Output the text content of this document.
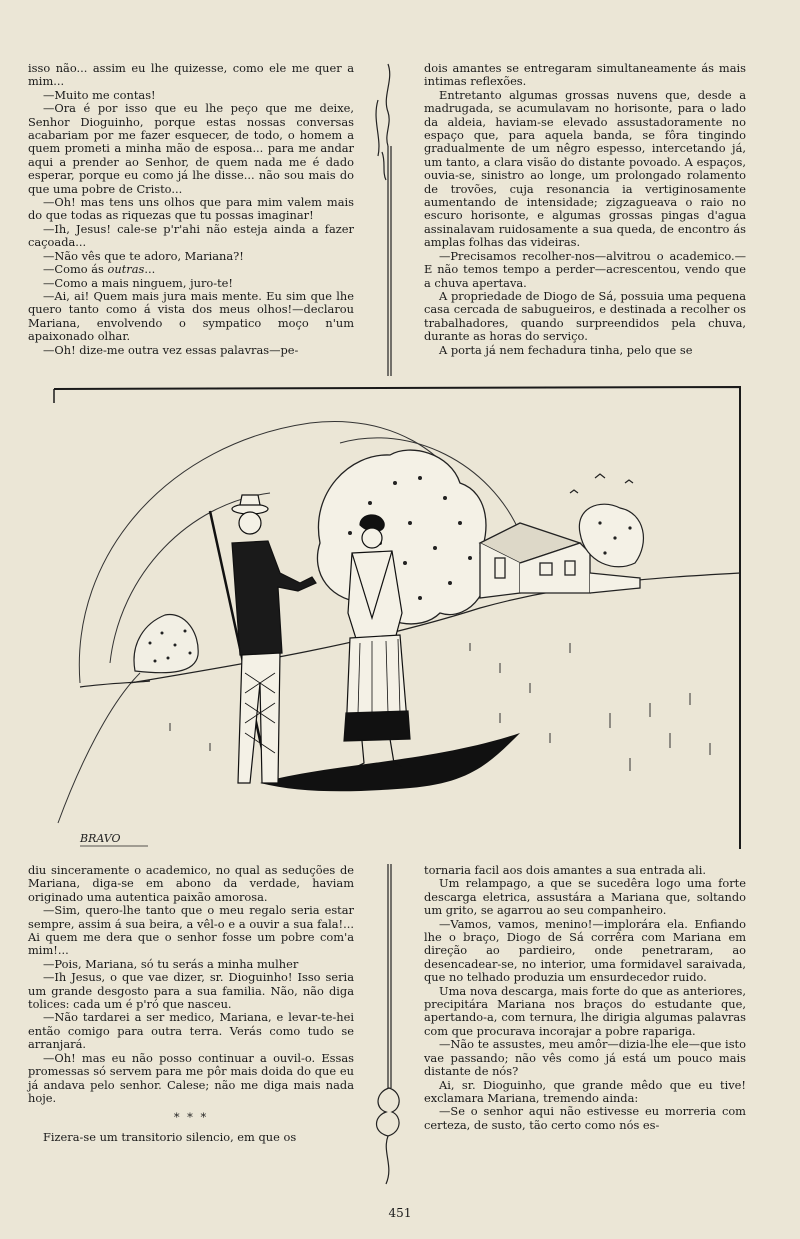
isso não... assim eu lhe quizesse, como ele me quer a mim...

—Muito me contas!

—Ora é por isso que eu lhe peço que me deixe, Senhor Dioguinho, porque estas nossas conversas acabariam por me fazer esquecer, de todo, o homem a quem prometi a minha mão de esposa... para me andar aqui a prender ao Senhor, de quem nada me é dado esperar, porque eu como já lhe disse... não sou mais do que uma pobre de Cristo...

—Oh! mas tens uns olhos que para mim valem mais do que todas as riquezas que tu possas imaginar!

—Ih, Jesus! cale-se p'r'ahi não esteja ainda a fazer caçoada...

—Não vês que te adoro, Mariana?!

—Como ás outras...

—Como a mais ninguem, juro-te!

—Ai, ai! Quem mais jura mais mente. Eu sim que lhe quero tanto como á vista dos meus olhos!—declarou Mariana, envolvendo o sympatico moço n'um apaixonado olhar.

—Oh! dize-me outra vez essas palavras—pe-

dois amantes se entregaram simultaneamente ás mais intimas reflexões.

Entretanto algumas grossas nuvens que, desde a madrugada, se acumulavam no horisonte, para o lado da aldeia, haviam-se elevado assustadoramente no espaço que, para aquela banda, se fôra tingindo gradualmente de um nêgro espesso, intercetando já, um tanto, a clara visão do distante povoado. A espaços, ouvia-se, sinistro ao longe, um prolongado rolamento de trovões, cuja resonancia ia vertiginosamente aumentando de intensidade; zigzagueava o raio no escuro horisonte, e algumas grossas pingas d'agua assinalavam ruidosamente a sua queda, de encontro ás amplas folhas das videiras.

—Precisamos recolher-nos—alvitrou o academico.—E não temos tempo a perder—acrescentou, vendo que a chuva apertava.

A propriedade de Diogo de Sá, possuia uma pequena casa cercada de sabugueiros, e destinada a recolher os trabalhadores, quando surpreendidos pela chuva, durante as horas do serviço.

A porta já nem fechadura tinha, pelo que se

BRAVO

diu sinceramente o academico, no qual as seduções de Mariana, diga-se em abono da verdade, haviam originado uma autentica paixão amorosa.

—Sim, quero-lhe tanto que o meu regalo seria estar sempre, assim á sua beira, a vêl-o e a ouvir a sua fala!... Ai quem me dera que o senhor fosse um pobre com'a mim!...

—Pois, Mariana, só tu serás a minha mulher

—Ih Jesus, o que vae dizer, sr. Dioguinho! Isso seria um grande desgosto para a sua familia. Não, não diga tolices: cada um é p'ró que nasceu.

—Não tardarei a ser medico, Mariana, e levar-te-hei então comigo para outra terra. Verás como tudo se arranjará.

—Oh! mas eu não posso continuar a ouvil-o. Essas promessas só servem para me pôr mais doida do que eu já andava pelo senhor. Calese; não me diga mais nada hoje.

* * *

Fizera-se um transitorio silencio, em que os

tornaria facil aos dois amantes a sua entrada ali.

Um relampago, a que se sucedêra logo uma forte descarga eletrica, assustára a Mariana que, soltando um grito, se agarrou ao seu companheiro.

—Vamos, vamos, menino!—implorára ela. Enfiando lhe o braço, Diogo de Sá corrêra com Mariana em direção ao pardieiro, onde penetraram, ao desencadear-se, no interior, uma formidavel saraivada, que no telhado produzia um ensurdecedor ruido.

Uma nova descarga, mais forte do que as anteriores, precipitára Mariana nos braços do estudante que, apertando-a, com ternura, lhe dirigia algumas palavras com que procurava incorajar a pobre rapariga.

—Não te assustes, meu amôr—dizia-lhe ele—que isto vae passando; não vês como já está um pouco mais distante de nós?

Ai, sr. Dioguinho, que grande mêdo que eu tive! exclamara Mariana, tremendo ainda:

—Se o senhor aqui não estivesse eu morreria com certeza, de susto, tão certo como nós es-

451
